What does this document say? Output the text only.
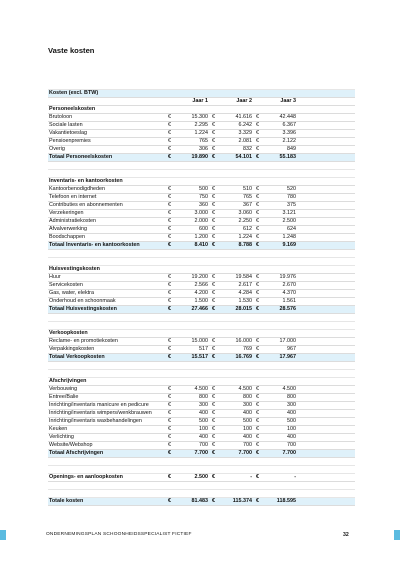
Vaste kosten

Kosten (excl. BTW)							
		Jaar 1		Jaar 2		Jaar 3	
Personeelskosten							
Brutoloon	€	15.300	€	41.616	€	42.448	
Sociale lasten	€	2.295	€	6.242	€	6.367	
Vakantietoeslag	€	1.224	€	3.329	€	3.396	
Pensioenpremies	€	765	€	2.081	€	2.122	
Overig	€	306	€	832	€	849	
Totaal Personeelskosten	€	19.890	€	54.101	€	55.183	

Inventaris- en kantoorkosten							
Kantoorbenodigdheden	€	500	€	510	€	520	
Telefoon en internet	€	750	€	765	€	780	
Contributies en abonnementen	€	360	€	367	€	375	
Verzekeringen	€	3.000	€	3.060	€	3.121	
Administratiekosten	€	2.000	€	2.250	€	2.500	
Afvalverwerking	€	600	€	612	€	624	
Boodschappen	€	1.200	€	1.224	€	1.248	
Totaal Inventaris- en kantoorkosten	€	8.410	€	8.788	€	9.169	

Huisvestingskosten							
Huur	€	19.200	€	19.584	€	19.976	
Servicekosten	€	2.566	€	2.617	€	2.670	
Gas, water, elektra	€	4.200	€	4.284	€	4.370	
Onderhoud en schoonmaak	€	1.500	€	1.530	€	1.561	
Totaal Huisvestingskosten	€	27.466	€	28.015	€	28.576	

Verkoopkosten							
Reclame- en promotiekosten	€	15.000	€	16.000	€	17.000	
Verpakkingskosten	€	517	€	769	€	967	
Totaal Verkoopkosten	€	15.517	€	16.769	€	17.967	

Afschrijvingen							
Verbouwing	€	4.500	€	4.500	€	4.500	
Entree/Balie	€	800	€	800	€	800	
Inrichting/inventaris manicure en pedicure	€	300	€	300	€	300	
Inrichting/inventaris wimpers/wenkbrauwen	€	400	€	400	€	400	
Inrichting/inventaris waxbehandelingen	€	500	€	500	€	500	
Keuken	€	100	€	100	€	100	
Verlichting	€	400	€	400	€	400	
Website/Webshop	€	700	€	700	€	700	
Totaal Afschrijvingen	€	7.700	€	7.700	€	7.700	

Openings- en aanloopkosten	€	2.500	€	-	€	-	

Totale kosten	€	81.483	€	115.374	€	118.595	
ONDERNEMINGSPLAN SCHOONHEIDSSPECIALIST FICTIEF	32
